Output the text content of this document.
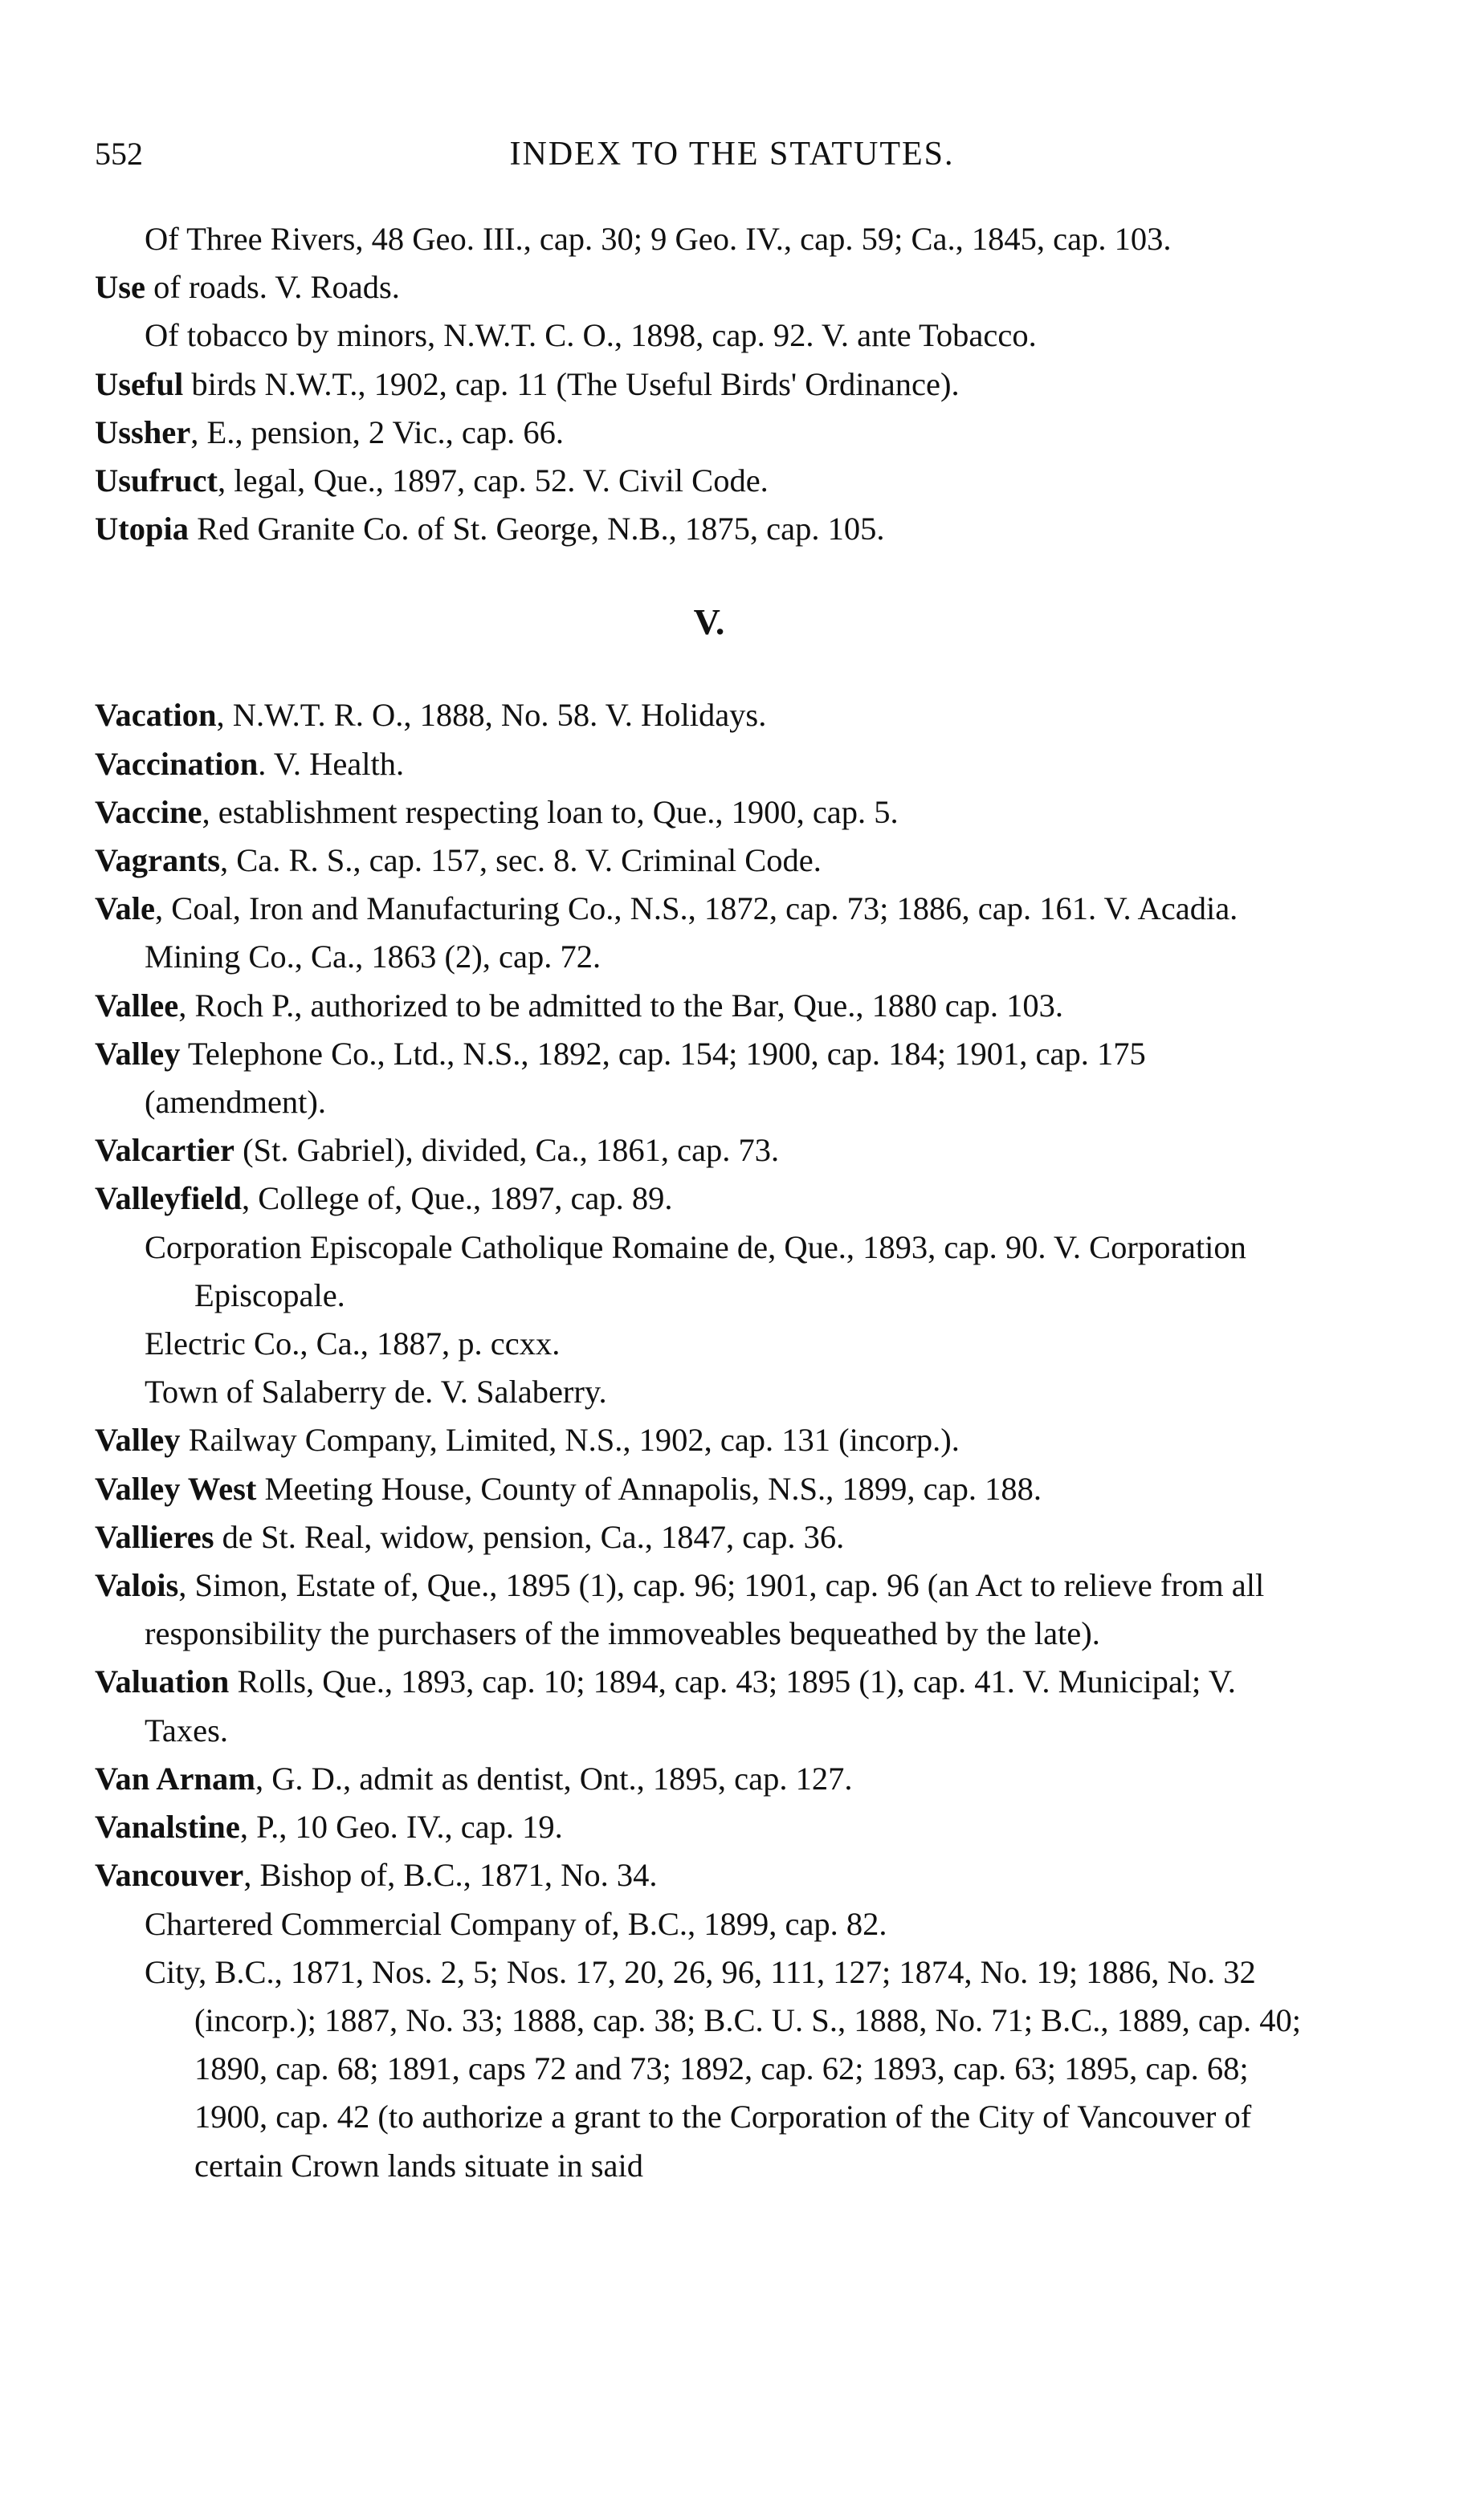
552	INDEX TO THE STATUTES.

Of Three Rivers, 48 Geo. III., cap. 30; 9 Geo. IV., cap. 59; Ca., 1845, cap. 103.

Use of roads. V. Roads.

Of tobacco by minors, N.W.T. C. O., 1898, cap. 92. V. ante Tobacco.

Useful birds N.W.T., 1902, cap. 11 (The Useful Birds' Ordinance).

Ussher, E., pension, 2 Vic., cap. 66.

Usufruct, legal, Que., 1897, cap. 52. V. Civil Code.

Utopia Red Granite Co. of St. George, N.B., 1875, cap. 105.

V.

Vacation, N.W.T. R. O., 1888, No. 58. V. Holidays.

Vaccination. V. Health.

Vaccine, establishment respecting loan to, Que., 1900, cap. 5.

Vagrants, Ca. R. S., cap. 157, sec. 8. V. Criminal Code.

Vale, Coal, Iron and Manufacturing Co., N.S., 1872, cap. 73; 1886, cap. 161. V. Acadia.

Mining Co., Ca., 1863 (2), cap. 72.

Vallee, Roch P., authorized to be admitted to the Bar, Que., 1880 cap. 103.

Valley Telephone Co., Ltd., N.S., 1892, cap. 154; 1900, cap. 184; 1901, cap. 175 (amendment).

Valcartier (St. Gabriel), divided, Ca., 1861, cap. 73.

Valleyfield, College of, Que., 1897, cap. 89.

Corporation Episcopale Catholique Romaine de, Que., 1893, cap. 90. V. Corporation Episcopale.

Electric Co., Ca., 1887, p. ccxx.

Town of Salaberry de. V. Salaberry.

Valley Railway Company, Limited, N.S., 1902, cap. 131 (incorp.).

Valley West Meeting House, County of Annapolis, N.S., 1899, cap. 188.

Vallieres de St. Real, widow, pension, Ca., 1847, cap. 36.

Valois, Simon, Estate of, Que., 1895 (1), cap. 96; 1901, cap. 96 (an Act to relieve from all responsibility the purchasers of the immoveables bequeathed by the late).

Valuation Rolls, Que., 1893, cap. 10; 1894, cap. 43; 1895 (1), cap. 41. V. Municipal; V. Taxes.

Van Arnam, G. D., admit as dentist, Ont., 1895, cap. 127.

Vanalstine, P., 10 Geo. IV., cap. 19.

Vancouver, Bishop of, B.C., 1871, No. 34.

Chartered Commercial Company of, B.C., 1899, cap. 82.

City, B.C., 1871, Nos. 2, 5; Nos. 17, 20, 26, 96, 111, 127; 1874, No. 19; 1886, No. 32 (incorp.); 1887, No. 33; 1888, cap. 38; B.C. U. S., 1888, No. 71; B.C., 1889, cap. 40; 1890, cap. 68; 1891, caps 72 and 73; 1892, cap. 62; 1893, cap. 63; 1895, cap. 68; 1900, cap. 42 (to authorize a grant to the Corporation of the City of Vancouver of certain Crown lands situate in said
